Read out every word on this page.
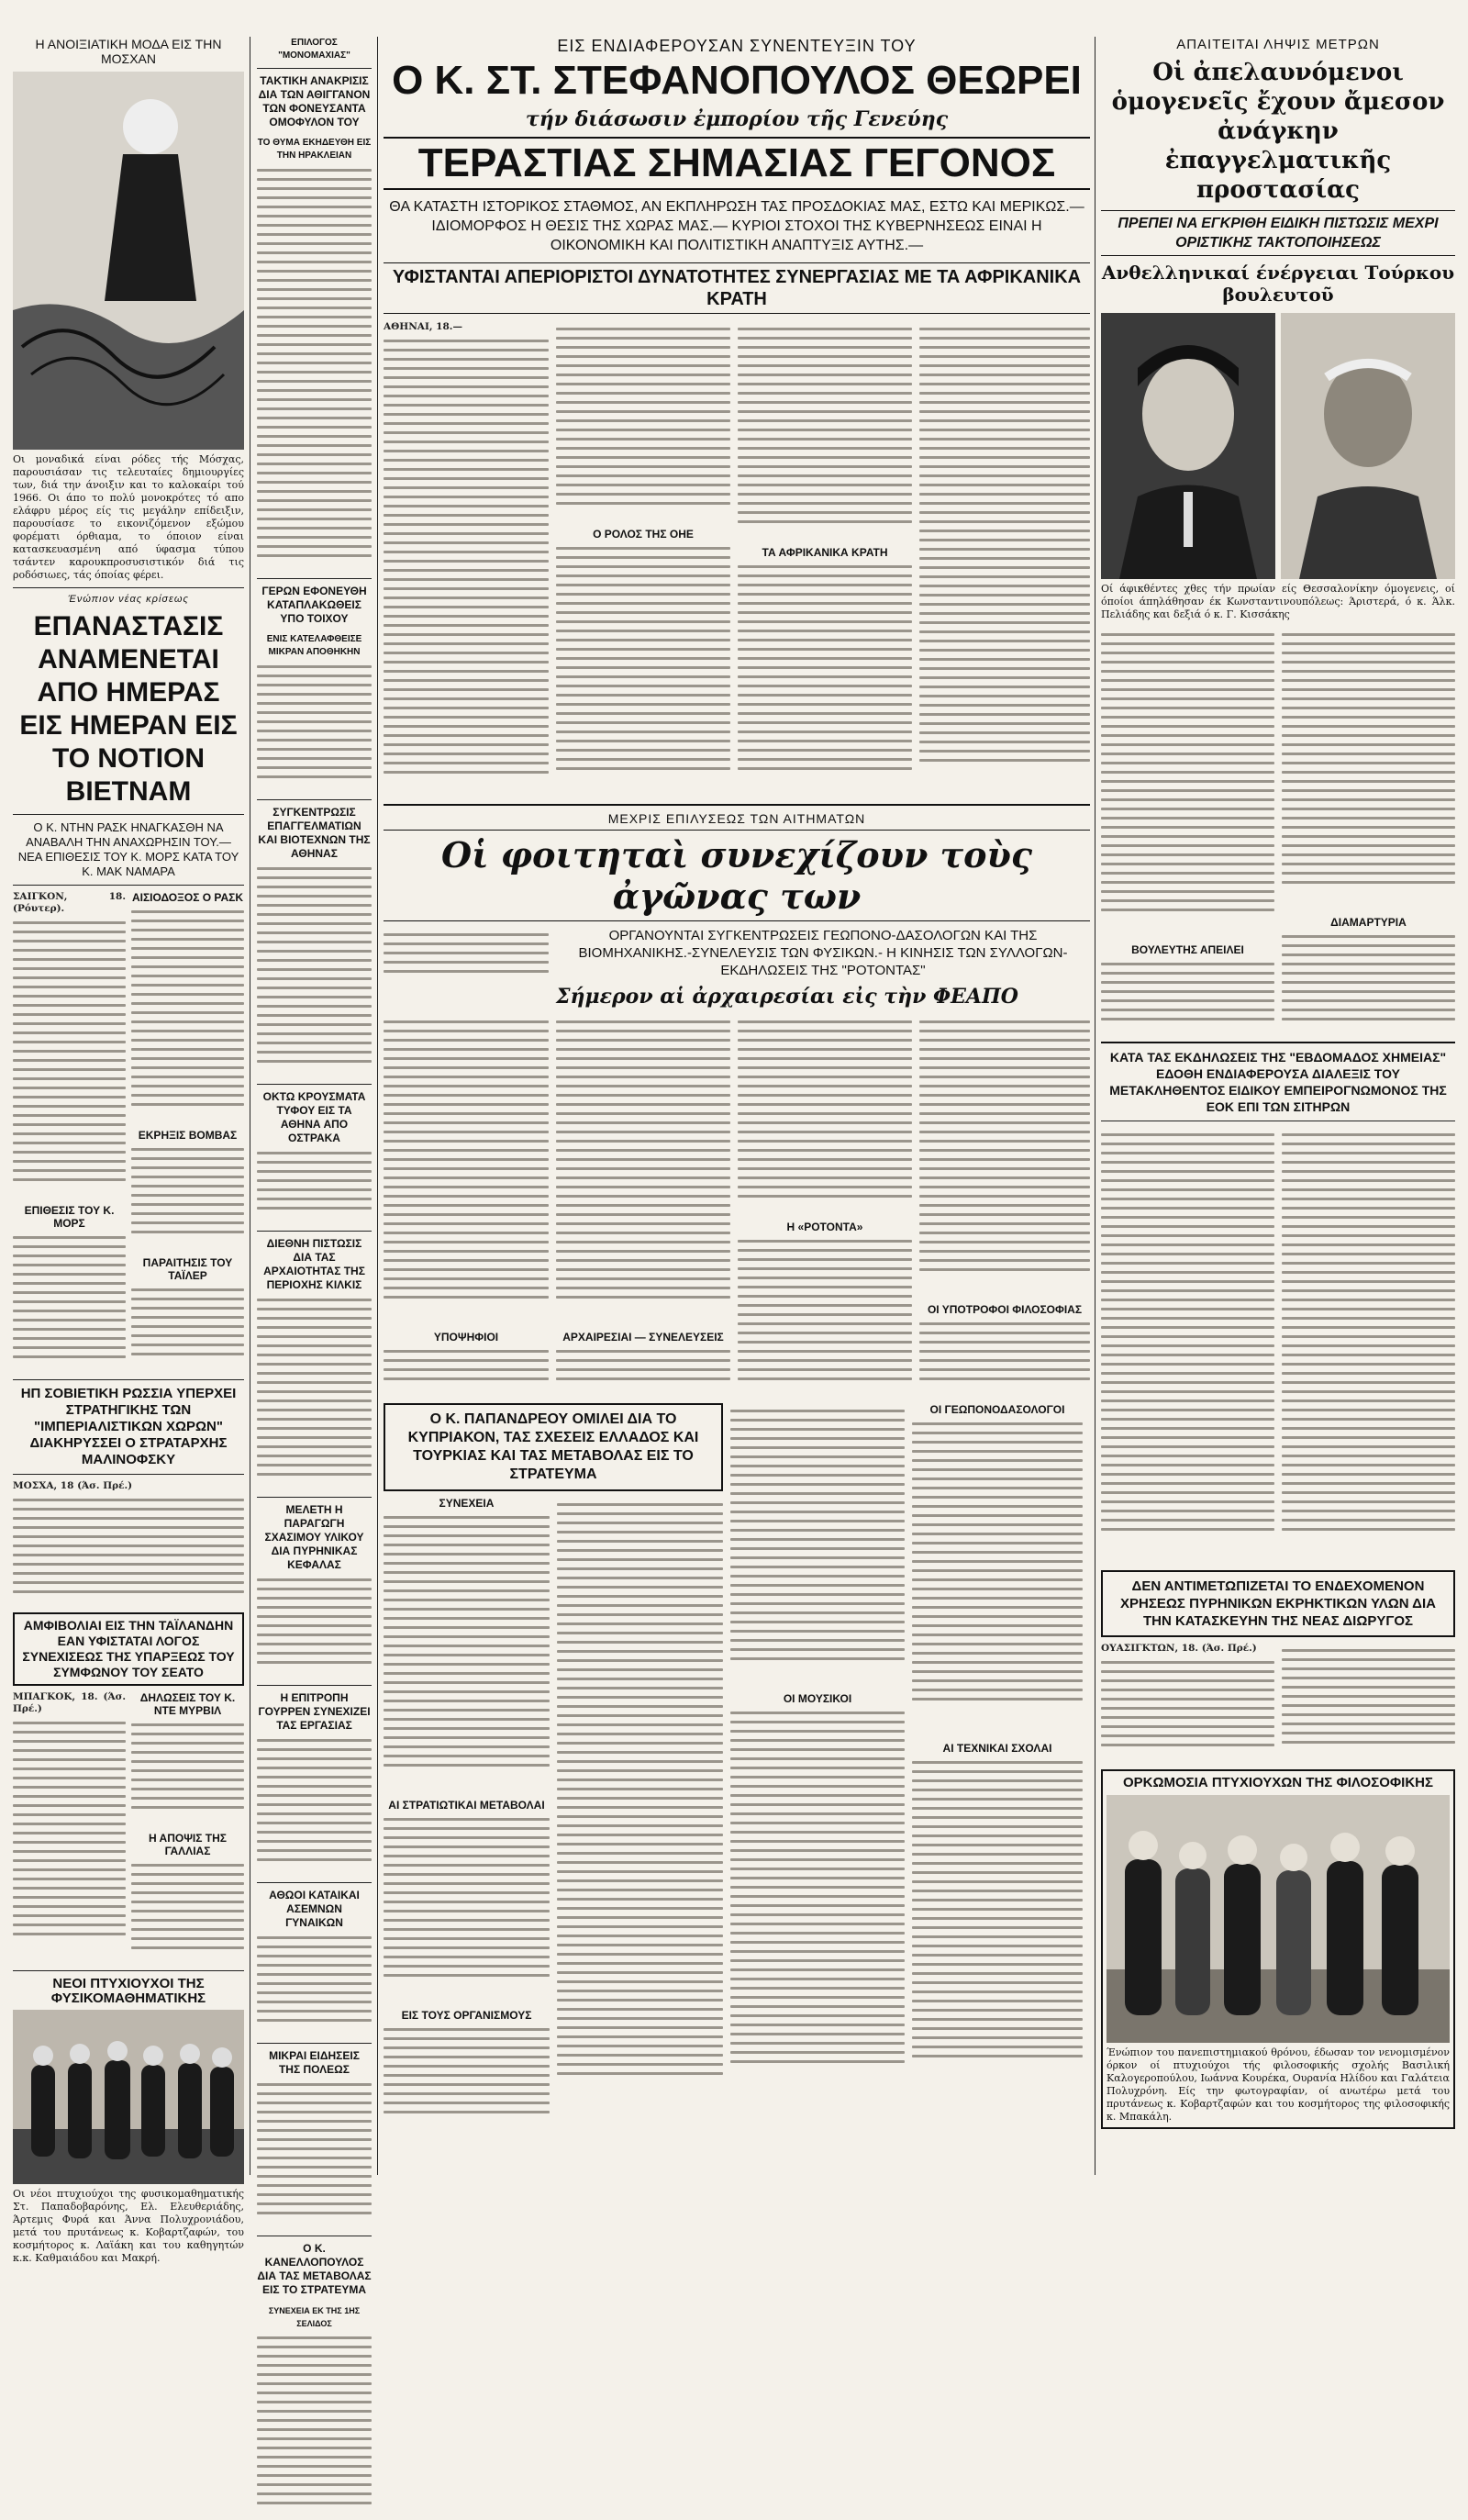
Η ΑΝΟΙΞΙΑΤΙΚΗ ΜΟΔΑ ΕΙΣ ΤΗΝ ΜΟΣΧΑΝ
Οι μοναδικά είναι ρόδες τής Μόσχας, παρουσιάσαν τις τελευταίες δημιουργίες των, διά την άνοιξιν και το καλοκαίρι τού 1966. Οι άπο το πολύ μονοκρότες τό απο ελάφρυ μέρος είς τις μεγάλην επίδειξιν, παρουσίασε το εικονιζόμενον εξώμου φορέματι όρθιαμα, το όποιον είναι κατασκευασμένη από ύφασμα τύπου τσάντεν καρουκπροσυσιστικόν διά τις ροδόσιωες, τάς όποίας φέρει.
Ένώπιον νέας κρίσεως
ΕΠΑΝΑΣΤΑΣΙΣ ΑΝΑΜΕΝΕΤΑΙ ΑΠΟ ΗΜΕΡΑΣ ΕΙΣ ΗΜΕΡΑΝ ΕΙΣ ΤΟ ΝΟΤΙΟΝ ΒΙΕΤΝΑΜ
Ο Κ. ΝΤΗΝ ΡΑΣΚ ΗΝΑΓΚΑΣΘΗ ΝΑ ΑΝΑΒΑΛΗ ΤΗΝ ΑΝΑΧΩΡΗΣΙΝ ΤΟΥ.— ΝΕΑ ΕΠΙΘΕΣΙΣ ΤΟΥ Κ. ΜΟΡΣ ΚΑΤΑ ΤΟΥ Κ. ΜΑΚ ΝΑΜΑΡΑ
ΣΑΙΓΚΟΝ, 18. (Ρόυτερ).
ΕΠΙΘΕΣΙΣ ΤΟΥ Κ. ΜΟΡΣ
ΑΙΣΙΟΔΟΞΟΣ Ο ΡΑΣΚ
ΕΚΡΗΞΙΣ ΒΟΜΒΑΣ
ΠΑΡΑΙΤΗΣΙΣ ΤΟΥ ΤΑΪΛΕΡ
ΗΠ ΣΟΒΙΕΤΙΚΗ ΡΩΣΣΙΑ ΥΠΕΡΧΕΙ ΣΤΡΑΤΗΓΙΚΗΣ ΤΩΝ "ΙΜΠΕΡΙΑΛΙΣΤΙΚΩΝ ΧΩΡΩΝ" ΔΙΑΚΗΡΥΣΣΕΙ Ο ΣΤΡΑΤΑΡΧΗΣ ΜΑΛΙΝΟΦΣΚΥ
ΜΟΣΧΑ, 18 (Άσ. Πρέ.)
ΑΜΦΙΒΟΛΙΑΙ ΕΙΣ ΤΗΝ ΤΑΪΛΑΝΔΗΝ ΕΑΝ ΥΦΙΣΤΑΤΑΙ ΛΟΓΟΣ ΣΥΝΕΧΙΣΕΩΣ ΤΗΣ ΥΠΑΡΞΕΩΣ ΤΟΥ ΣΥΜΦΩΝΟΥ ΤΟΥ ΣΕΑΤΟ
ΜΠΑΓΚΟΚ, 18. (Άσ. Πρέ.)
ΔΗΛΩΣΕΙΣ ΤΟΥ Κ. ΝΤΕ ΜΥΡΒΙΛ
Η ΑΠΟΨΙΣ ΤΗΣ ΓΑΛΛΙΑΣ
ΝΕΟΙ ΠΤΥΧΙΟΥΧΟΙ ΤΗΣ ΦΥΣΙΚΟΜΑΘΗΜΑΤΙΚΗΣ
Οι νέοι πτυχιούχοι της φυσικομαθηματικής Στ. Παπαδοβαρόνης, Ελ. Ελευθεριάδης, Άρτεμις Φυρά και Άννα Πολυχρονιάδου, μετά του πρυτάνεως κ. Κοβαρτζαφών, του κοσμήτορος κ. Λαϊάκη και του καθηγητών κ.κ. Καθμαιάδου και Μακρή.
ΕΠΙΛΟΓΟΣ "ΜΟΝΟΜΑΧΙΑΣ"
ΤΑΚΤΙΚΗ ΑΝΑΚΡΙΣΙΣ ΔΙΑ ΤΩΝ ΑΘΙΓΓΑΝΟΝ ΤΩΝ ΦΟΝΕΥΣΑΝΤΑ ΟΜΟΦΥΛΟΝ ΤΟΥ
ΤΟ ΘΥΜΑ ΕΚΗΔΕΥΘΗ ΕΙΣ ΤΗΝ ΗΡΑΚΛΕΙΑΝ
ΓΕΡΩΝ ΕΦΟΝΕΥΘΗ ΚΑΤΑΠΛΑΚΩΘΕΙΣ ΥΠΟ ΤΟΙΧΟΥ
ΕΝΙΣ ΚΑΤΕΛΑΦΘΕΙΣΕ ΜΙΚΡΑΝ ΑΠΟΘΗΚΗΝ
ΣΥΓΚΕΝΤΡΩΣΙΣ ΕΠΑΓΓΕΛΜΑΤΙΩΝ ΚΑΙ ΒΙΟΤΕΧΝΩΝ ΤΗΣ ΑΘΗΝΑΣ
ΟΚΤΩ ΚΡΟΥΣΜΑΤΑ ΤΥΦΟΥ ΕΙΣ ΤΑ ΑΘΗΝΑ ΑΠΟ ΟΣΤΡΑΚΑ
ΔΙΕΘΝΗ ΠΙΣΤΩΣΙΣ ΔΙΑ ΤΑΣ ΑΡΧΑΙΟΤΗΤΑΣ ΤΗΣ ΠΕΡΙΟΧΗΣ ΚΙΛΚΙΣ
ΜΕΛΕΤΗ Η ΠΑΡΑΓΩΓΗ ΣΧΑΣΙΜΟΥ ΥΛΙΚΟΥ ΔΙΑ ΠΥΡΗΝΙΚΑΣ ΚΕΦΑΛΑΣ
Η ΕΠΙΤΡΟΠΗ ΓΟΥΡΡΕΝ ΣΥΝΕΧΙΖΕΙ ΤΑΣ ΕΡΓΑΣΙΑΣ
ΑΘΩΟΙ ΚΑΤΑΙΚΑΙ ΑΣΕΜΝΩΝ ΓΥΝΑΙΚΩΝ
ΜΙΚΡΑΙ ΕΙΔΗΣΕΙΣ ΤΗΣ ΠΟΛΕΩΣ
Ο Κ. ΚΑΝΕΛΛΟΠΟΥΛΟΣ ΔΙΑ ΤΑΣ ΜΕΤΑΒΟΛΑΣ ΕΙΣ ΤΟ ΣΤΡΑΤΕΥΜΑ
ΣΥΝΕΧΕΙΑ ΕΚ ΤΗΣ 1ΗΣ ΣΕΛΙΔΟΣ
ΕΙΣ ΕΝΔΙΑΦΕΡΟΥΣΑΝ ΣΥΝΕΝΤΕΥΞΙΝ ΤΟΥ
Ο Κ. ΣΤ. ΣΤΕΦΑΝΟΠΟΥΛΟΣ ΘΕΩΡΕΙ
τήν διάσωσιν ἐμπορίου τῆς Γενεύης
ΤΕΡΑΣΤΙΑΣ ΣΗΜΑΣΙΑΣ ΓΕΓΟΝΟΣ
ΘΑ ΚΑΤΑΣΤΗ ΙΣΤΟΡΙΚΟΣ ΣΤΑΘΜΟΣ, ΑΝ ΕΚΠΛΗΡΩΣΗ ΤΑΣ ΠΡΟΣΔΟΚΙΑΣ ΜΑΣ, ΕΣΤΩ ΚΑΙ ΜΕΡΙΚΩΣ.— ΙΔΙΟΜΟΡΦΟΣ Η ΘΕΣΙΣ ΤΗΣ ΧΩΡΑΣ ΜΑΣ.— ΚΥΡΙΟΙ ΣΤΟΧΟΙ ΤΗΣ ΚΥΒΕΡΝΗΣΕΩΣ ΕΙΝΑΙ Η ΟΙΚΟΝΟΜΙΚΗ ΚΑΙ ΠΟΛΙΤΙΣΤΙΚΗ ΑΝΑΠΤΥΞΙΣ ΑΥΤΗΣ.—
ΥΦΙΣΤΑΝΤΑΙ ΑΠΕΡΙΟΡΙΣΤΟΙ ΔΥΝΑΤΟΤΗΤΕΣ ΣΥΝΕΡΓΑΣΙΑΣ ΜΕ ΤΑ ΑΦΡΙΚΑΝΙΚΑ ΚΡΑΤΗ
ΑΘΗΝΑΙ, 18.—
Ο ΡΟΛΟΣ ΤΗΣ ΟΗΕ
ΤΑ ΑΦΡΙΚΑΝΙΚΑ ΚΡΑΤΗ
ΜΕΧΡΙΣ ΕΠΙΛΥΣΕΩΣ ΤΩΝ ΑΙΤΗΜΑΤΩΝ
Οἱ φοιτηταὶ συνεχίζουν τοὺς ἀγῶνας των
ΟΡΓΑΝΟΥΝΤΑΙ ΣΥΓΚΕΝΤΡΩΣΕΙΣ ΓΕΩΠΟΝΟ-ΔΑΣΟΛΟΓΩΝ ΚΑΙ ΤΗΣ ΒΙΟΜΗΧΑΝΙΚΗΣ.-ΣΥΝΕΛΕΥΣΙΣ ΤΩΝ ΦΥΣΙΚΩΝ.- Η ΚΙΝΗΣΙΣ ΤΩΝ ΣΥΛΛΟΓΩΝ-ΕΚΔΗΛΩΣΕΙΣ ΤΗΣ "ΡΟΤΟΝΤΑΣ"
Σήμερον αἱ ἀρχαιρεσίαι εἰς τὴν ΦΕΑΠΟ
ΥΠΟΨΗΦΙΟΙ	ΑΡΧΑΙΡΕΣΙΑΙ — ΣΥΝΕΛΕΥΣΕΙΣ
Η «ΡΟΤΟΝΤΑ»
ΟΙ ΥΠΟΤΡΟΦΟΙ ΦΙΛΟΣΟΦΙΑΣ
Ο Κ. ΠΑΠΑΝΔΡΕΟΥ ΟΜΙΛΕΙ ΔΙΑ ΤΟ ΚΥΠΡΙΑΚΟΝ, ΤΑΣ ΣΧΕΣΕΙΣ ΕΛΛΑΔΟΣ ΚΑΙ ΤΟΥΡΚΙΑΣ ΚΑΙ ΤΑΣ ΜΕΤΑΒΟΛΑΣ ΕΙΣ ΤΟ ΣΤΡΑΤΕΥΜΑ
ΣΥΝΕΧΕΙΑ
ΑΙ ΣΤΡΑΤΙΩΤΙΚΑΙ ΜΕΤΑΒΟΛΑΙ
ΕΙΣ ΤΟΥΣ ΟΡΓΑΝΙΣΜΟΥΣ
ΟΙ ΜΟΥΣΙΚΟΙ
ΟΙ ΓΕΩΠΟΝΟΔΑΣΟΛΟΓΟΙ
ΑΙ ΤΕΧΝΙΚΑΙ ΣΧΟΛΑΙ
ΑΠΑΙΤΕΙΤΑΙ ΛΗΨΙΣ ΜΕΤΡΩΝ
Οἱ ἀπελαυνόμενοι ὁμογενεῖς ἔχουν ἄμεσον ἀνάγκην ἐπαγγελματικῆς προστασίας
ΠΡΕΠΕΙ ΝΑ ΕΓΚΡΙΘΗ ΕΙΔΙΚΗ ΠΙΣΤΩΣΙΣ ΜΕΧΡΙ ΟΡΙΣΤΙΚΗΣ ΤΑΚΤΟΠΟΙΗΣΕΩΣ
Ανθελληνικαί ένέργειαι Τούρκου βουλευτοῦ
Οί άφικθέντες χθες τήν πρωίαν είς Θεσσαλονίκην όμογενεις, οί όποίοι άπηλάθησαν έκ Κωνσταντινουπόλεως: Άριστερά, ό κ. Άλκ. Πελιάδης και δεξιά ό κ. Γ. Κισσάκης
ΒΟΥΛΕΥΤΗΣ ΑΠΕΙΛΕΙ
ΔΙΑΜΑΡΤΥΡΙΑ
ΚΑΤΑ ΤΑΣ ΕΚΔΗΛΩΣΕΙΣ ΤΗΣ "ΕΒΔΟΜΑΔΟΣ ΧΗΜΕΙΑΣ" ΕΔΟΘΗ ΕΝΔΙΑΦΕΡΟΥΣΑ ΔΙΑΛΕΞΙΣ ΤΟΥ ΜΕΤΑΚΛΗΘΕΝΤΟΣ ΕΙΔΙΚΟΥ ΕΜΠΕΙΡΟΓΝΩΜΟΝΟΣ ΤΗΣ ΕΟΚ ΕΠΙ ΤΩΝ ΣΙΤΗΡΩΝ
ΔΕΝ ΑΝΤΙΜΕΤΩΠΙΖΕΤΑΙ ΤΟ ΕΝΔΕΧΟΜΕΝΟΝ ΧΡΗΣΕΩΣ ΠΥΡΗΝΙΚΩΝ ΕΚΡΗΚΤΙΚΩΝ ΥΛΩΝ ΔΙΑ ΤΗΝ ΚΑΤΑΣΚΕΥΗΝ ΤΗΣ ΝΕΑΣ ΔΙΩΡΥΓΟΣ
ΟΥΑΣΙΓΚΤΩΝ, 18. (Άσ. Πρέ.)
ΟΡΚΩΜΟΣΙΑ ΠΤΥΧΙΟΥΧΩΝ ΤΗΣ ΦΙΛΟΣΟΦΙΚΗΣ
Ένώπιον του πανεπιστημιακού θρόνου, έδωσαν τον νενομισμένον όρκον οί πτυχιούχοι τής φιλοσοφικής σχολής Βασιλική Καλογεροπούλου, Ιωάννα Κουρέκα, Ουρανία Ηλίδου και Γαλάτεια Πολυχρόνη. Είς την φωτογραφίαν, οί ανωτέρω μετά του πρυτάνεως κ. Κοβαρτζαφών και του κοσμήτορος της φιλοσοφικής κ. Μπακάλη.
